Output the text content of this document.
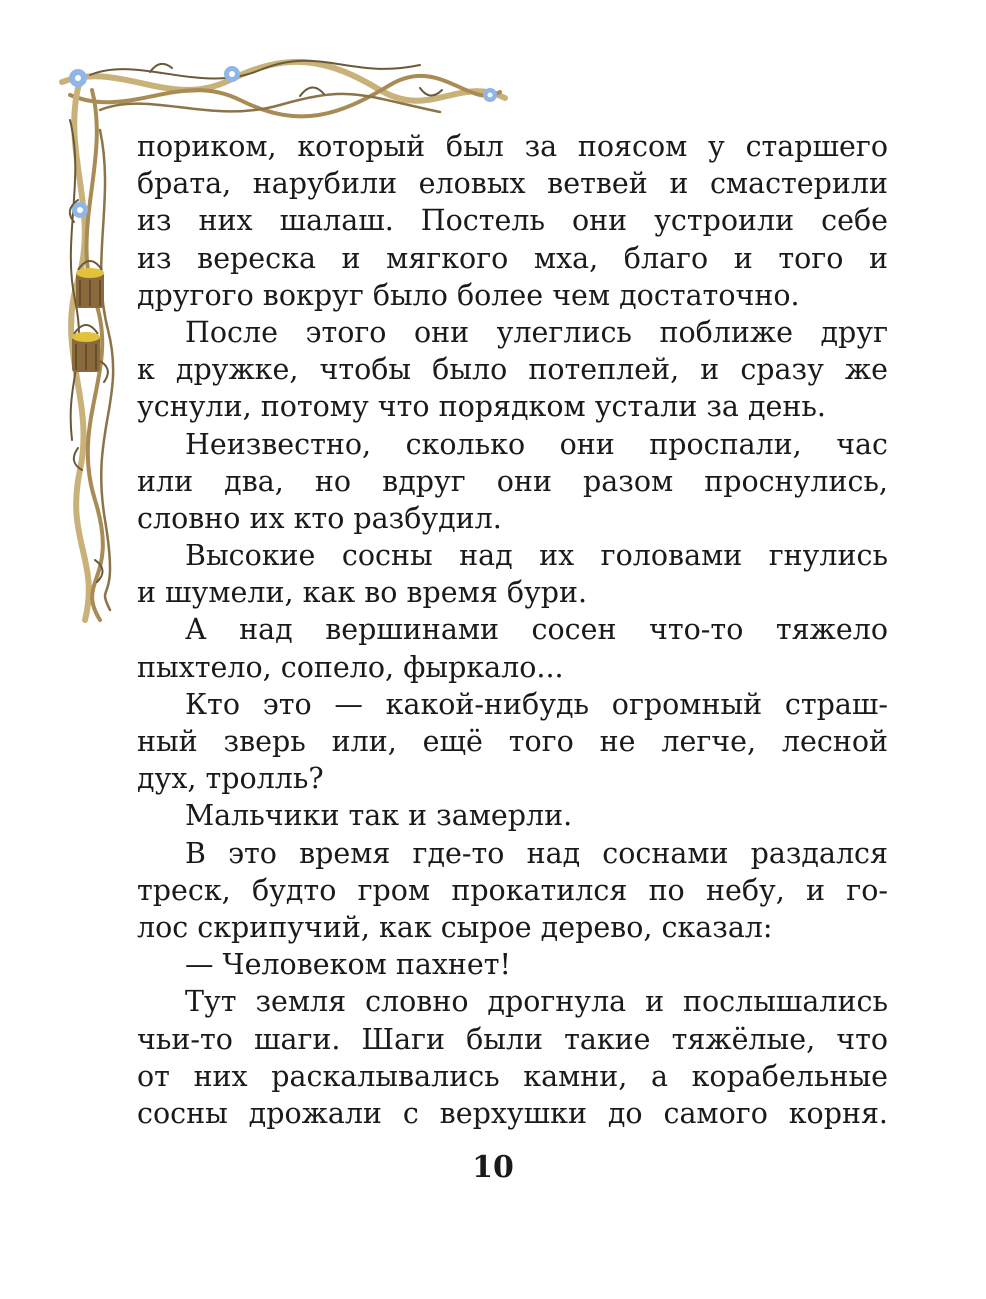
пориком, который был за поясом у старшего
брата, нарубили еловых ветвей и смастерили
из них шалаш. Постель они устроили себе
из вереска и мягкого мха, благо и того и
другого вокруг было более чем достаточно.
После этого они улеглись поближе друг
к дружке, чтобы было потеплей, и сразу же
уснули, потому что порядком устали за день.
Неизвестно, сколько они проспали, час
или два, но вдруг они разом проснулись,
словно их кто разбудил.
Высокие сосны над их головами гнулись
и шумели, как во время бури.
А над вершинами сосен что-то тяжело
пыхтело, сопело, фыркало...
Кто это — какой-нибудь огромный страш-
ный зверь или, ещё того не легче, лесной
дух, тролль?
Мальчики так и замерли.
В это время где-то над соснами раздался
треск, будто гром прокатился по небу, и го-
лос скрипучий, как сырое дерево, сказал:
— Человеком пахнет!
Тут земля словно дрогнула и послышались
чьи-то шаги. Шаги были такие тяжёлые, что
от них раскалывались камни, а корабельные
сосны дрожали с верхушки до самого корня.
10
